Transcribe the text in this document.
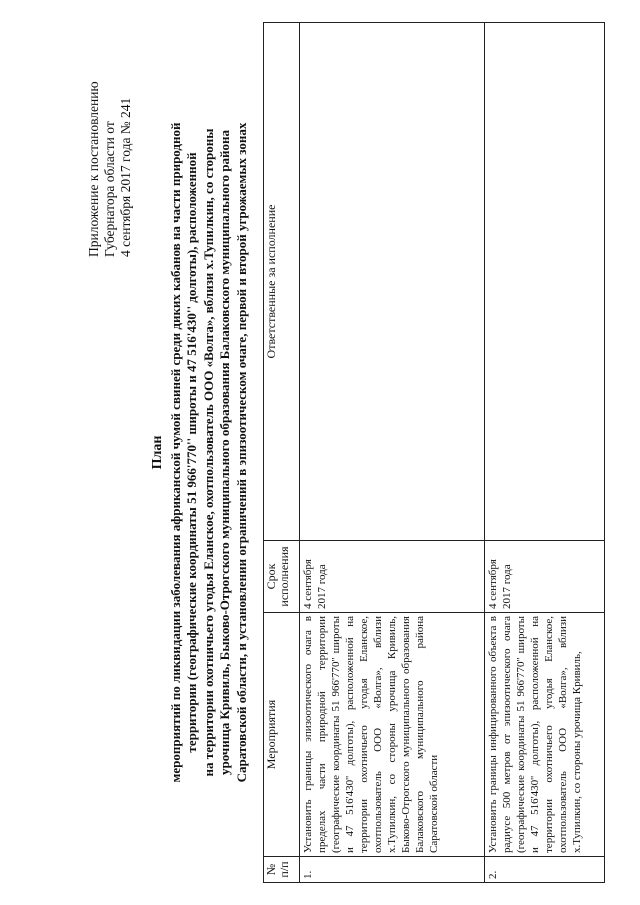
Приложение к постановлению Губернатора области от 4 сентября 2017 года № 241
План мероприятий по ликвидации заболевания африканской чумой свиней среди диких кабанов на части природной территории (географические координаты 51 966'770'' широты и 47 516'430'' долготы), расположенной на территории охотничьего угодья Еланское, охотпользователь ООО «Волга», вблизи х.Тупилкин, со стороны урочища Кривиль, Быково-Отрогского муниципального образования Балаковского муниципального района Саратовской области, и установлении ограничений в эпизоотическом очаге, первой и второй угрожаемых зонах
№ п/п	Мероприятия	Срок исполнения	Ответственные за исполнение
1.	Установить границы эпизоотического очага в пределах части природной территории (географические координаты 51 966'770'' широты и 47 516'430'' долготы), расположенной на территории охотничьего угодья Еланское, охотпользователь ООО «Волга», вблизи х.Тупилкин, со стороны урочища Кривиль, Быково-Отрогского муниципального образования Балаковского муниципального района Саратовской области	4 сентября 2017 года	
2.	Установить границы инфицированного объекта в радиусе 500 метров от эпизоотического очага (географические координаты 51 966'770'' широты и 47 516'430'' долготы), расположенной на территории охотничьего угодья Еланское, охотпользователь ООО «Волга», вблизи х.Тупилкин, со стороны урочища Кривиль,	4 сентября 2017 года	
